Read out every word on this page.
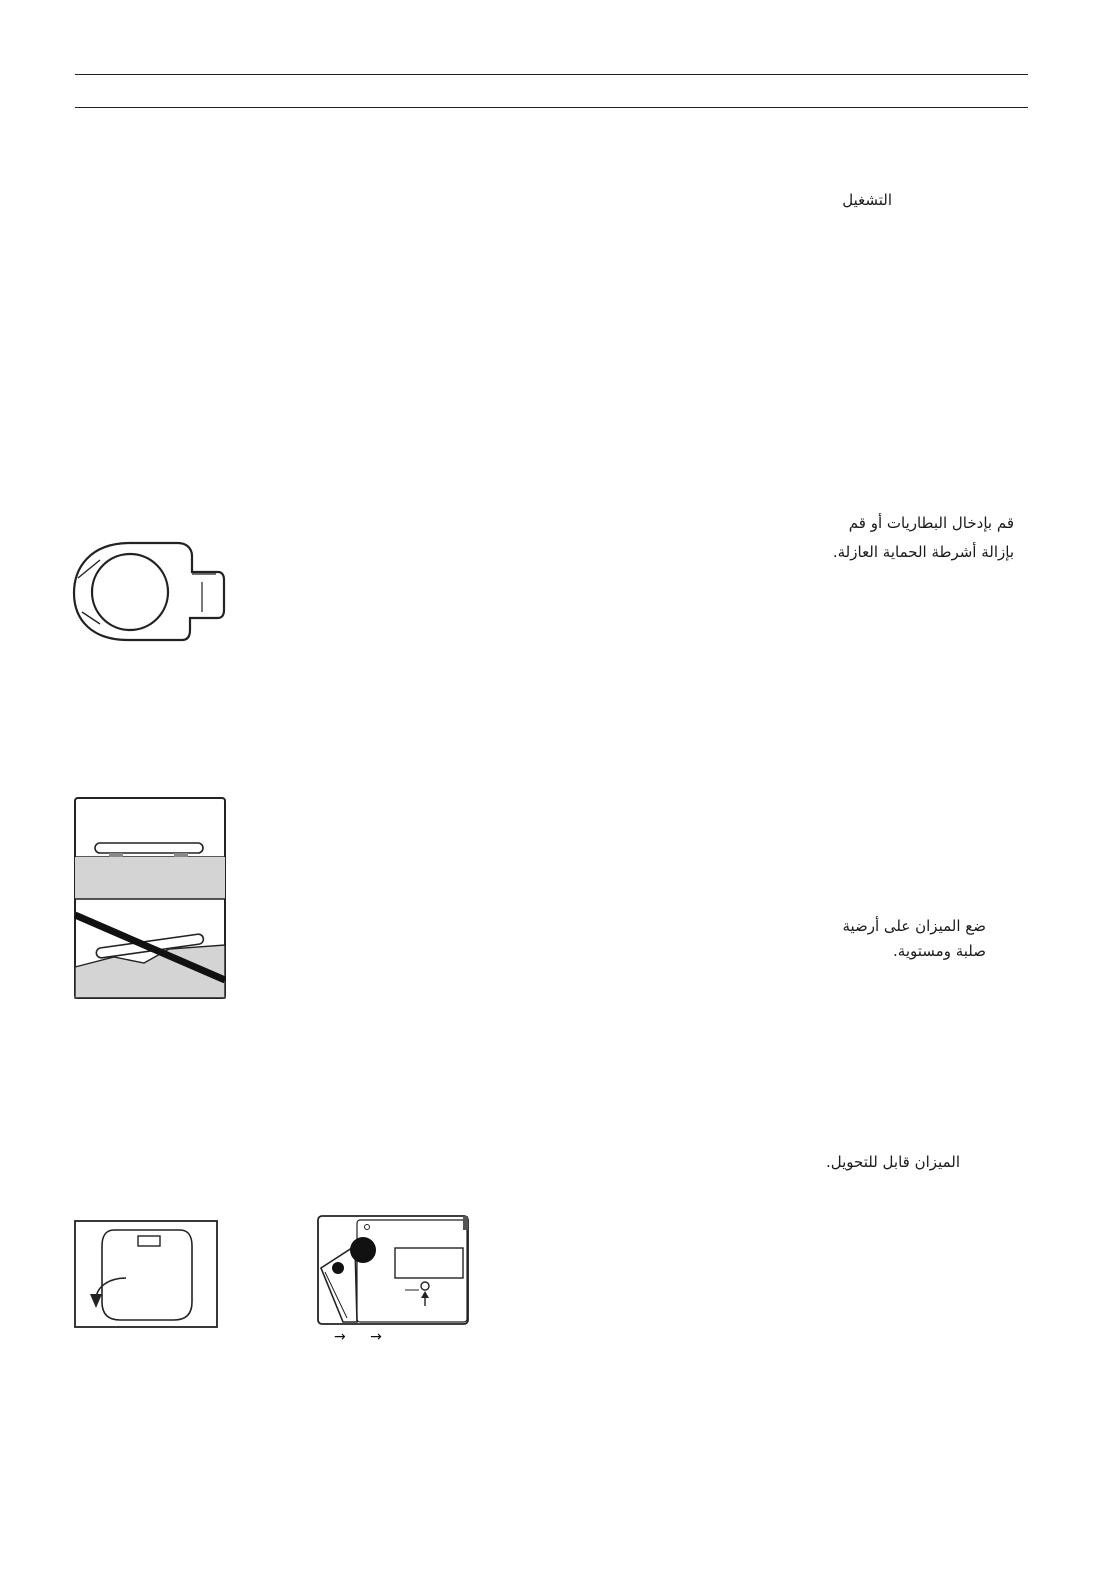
التشغيل
قم بإدخال البطاريات أو قم
بإزالة أشرطة الحماية العازلة.
ضع الميزان على أرضية
صلبة ومستوية.
الميزان قابل للتحويل.
→ →
